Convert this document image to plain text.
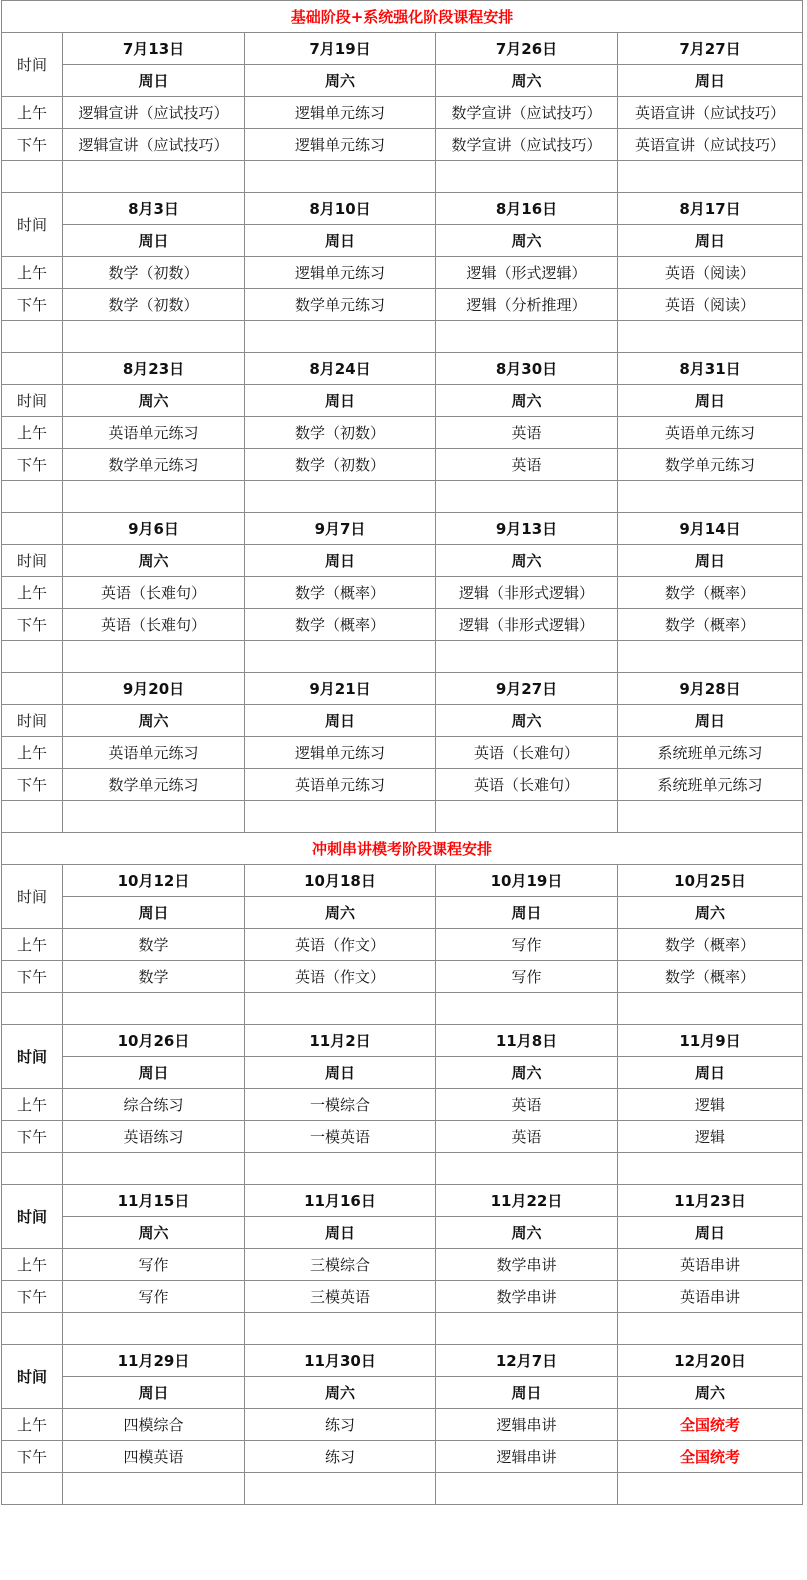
基础阶段+系统强化阶段课程安排				
时间	7月13日	7月19日	7月26日	7月27日
	周日	周六	周六	周日
上午	逻辑宣讲（应试技巧）	逻辑单元练习	数学宣讲（应试技巧）	英语宣讲（应试技巧）
下午	逻辑宣讲（应试技巧）	逻辑单元练习	数学宣讲（应试技巧）	英语宣讲（应试技巧）

时间	8月3日	8月10日	8月16日	8月17日
	周日	周日	周六	周日
上午	数学（初数）	逻辑单元练习	逻辑（形式逻辑）	英语（阅读）
下午	数学（初数）	数学单元练习	逻辑（分析推理）	英语（阅读）

	8月23日	8月24日	8月30日	8月31日
时间	周六	周日	周六	周日
上午	英语单元练习	数学（初数）	英语	英语单元练习
下午	数学单元练习	数学（初数）	英语	数学单元练习

	9月6日	9月7日	9月13日	9月14日
时间	周六	周日	周六	周日
上午	英语（长难句）	数学（概率）	逻辑（非形式逻辑）	数学（概率）
下午	英语（长难句）	数学（概率）	逻辑（非形式逻辑）	数学（概率）

	9月20日	9月21日	9月27日	9月28日
时间	周六	周日	周六	周日
上午	英语单元练习	逻辑单元练习	英语（长难句）	系统班单元练习
下午	数学单元练习	英语单元练习	英语（长难句）	系统班单元练习

冲刺串讲模考阶段课程安排				
时间	10月12日	10月18日	10月19日	10月25日
	周日	周六	周日	周六
上午	数学	英语（作文）	写作	数学（概率）
下午	数学	英语（作文）	写作	数学（概率）

时间	10月26日	11月2日	11月8日	11月9日
	周日	周日	周六	周日
上午	综合练习	一模综合	英语	逻辑
下午	英语练习	一模英语	英语	逻辑

时间	11月15日	11月16日	11月22日	11月23日
	周六	周日	周六	周日
上午	写作	三模综合	数学串讲	英语串讲
下午	写作	三模英语	数学串讲	英语串讲

时间	11月29日	11月30日	12月7日	12月20日
	周日	周六	周日	周六
上午	四模综合	练习	逻辑串讲	全国统考
下午	四模英语	练习	逻辑串讲	全国统考
